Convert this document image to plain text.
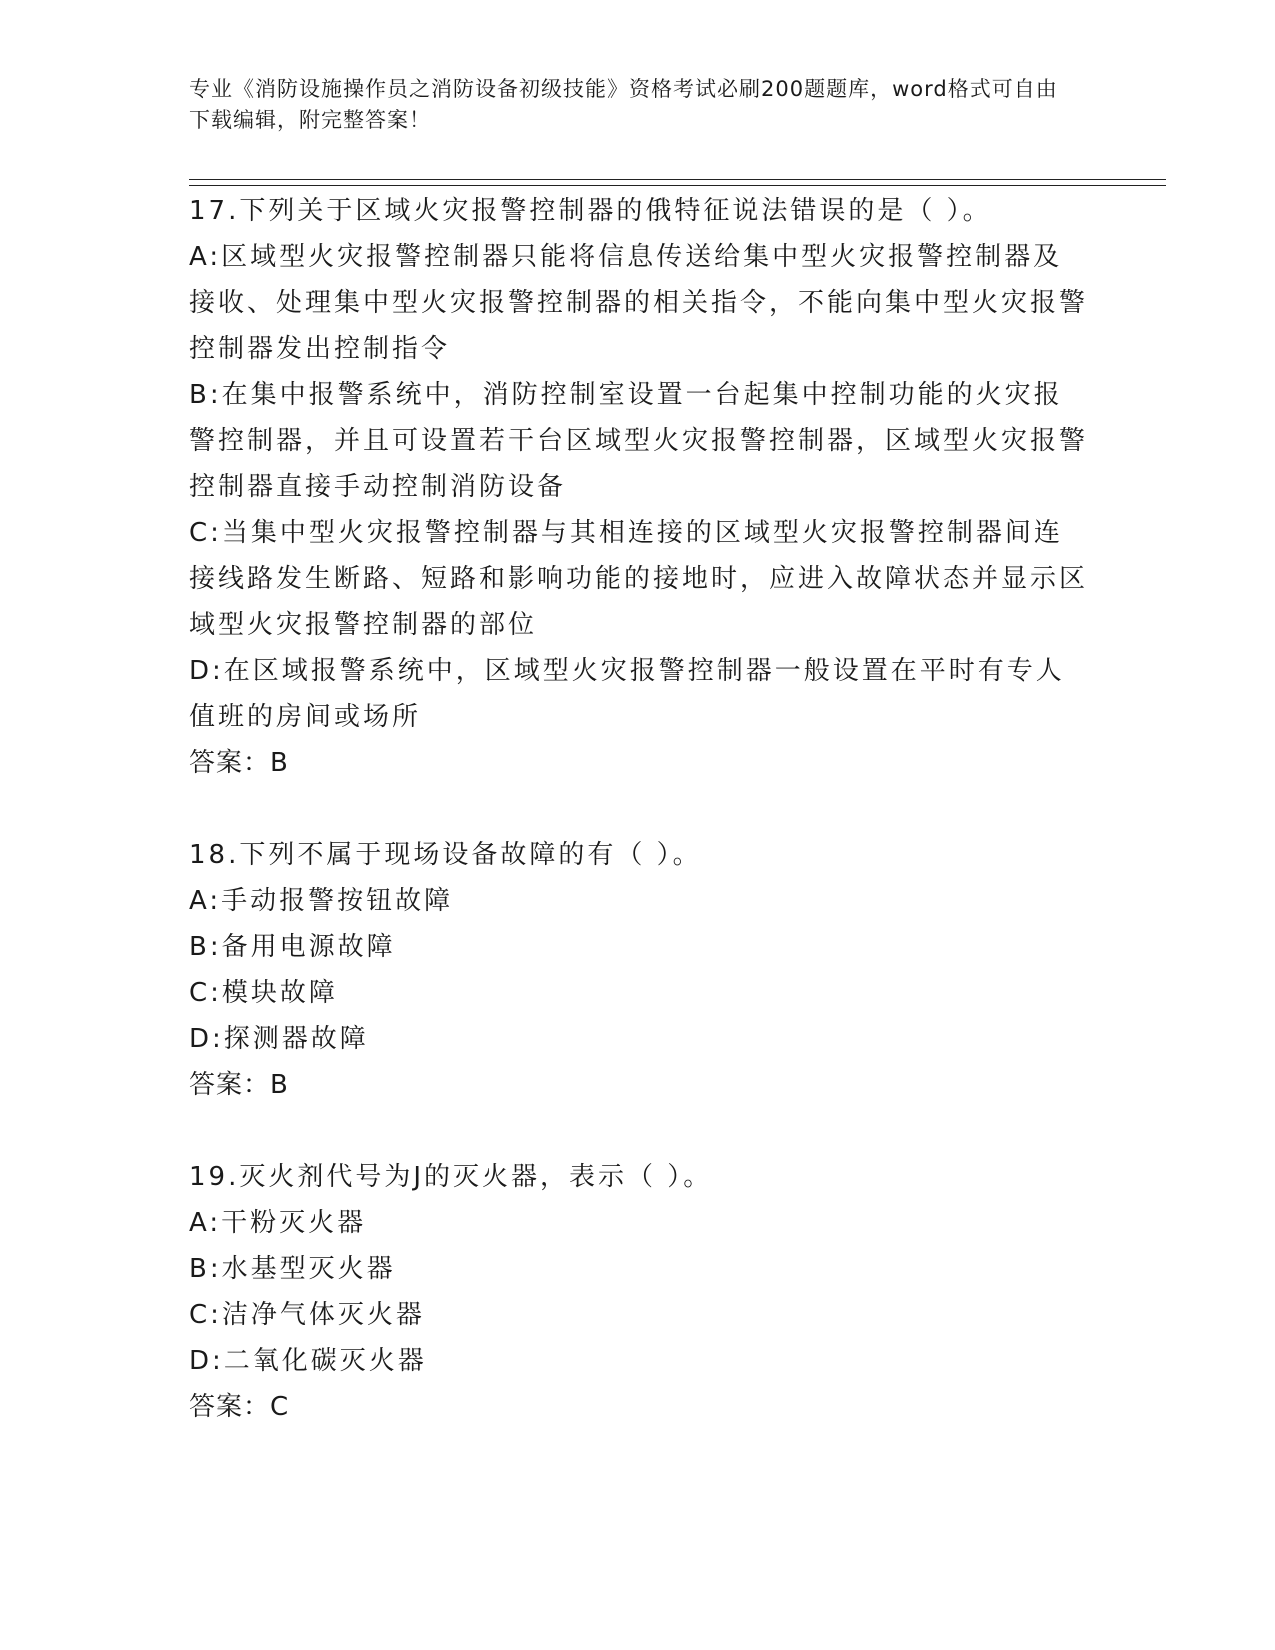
专业《消防设施操作员之消防设备初级技能》资格考试必刷200题题库，word格式可自由下载编辑，附完整答案！
17.下列关于区域火灾报警控制器的俄特征说法错误的是（ ）。
A:区域型火灾报警控制器只能将信息传送给集中型火灾报警控制器及接收、处理集中型火灾报警控制器的相关指令，不能向集中型火灾报警控制器发出控制指令
B:在集中报警系统中，消防控制室设置一台起集中控制功能的火灾报警控制器，并且可设置若干台区域型火灾报警控制器，区域型火灾报警控制器直接手动控制消防设备
C:当集中型火灾报警控制器与其相连接的区域型火灾报警控制器间连接线路发生断路、短路和影响功能的接地时，应进入故障状态并显示区域型火灾报警控制器的部位
D:在区域报警系统中，区域型火灾报警控制器一般设置在平时有专人值班的房间或场所
答案：B
18.下列不属于现场设备故障的有（ ）。
A:手动报警按钮故障
B:备用电源故障
C:模块故障
D:探测器故障
答案：B
19.灭火剂代号为J的灭火器，表示（ ）。
A:干粉灭火器
B:水基型灭火器
C:洁净气体灭火器
D:二氧化碳灭火器
答案：C
